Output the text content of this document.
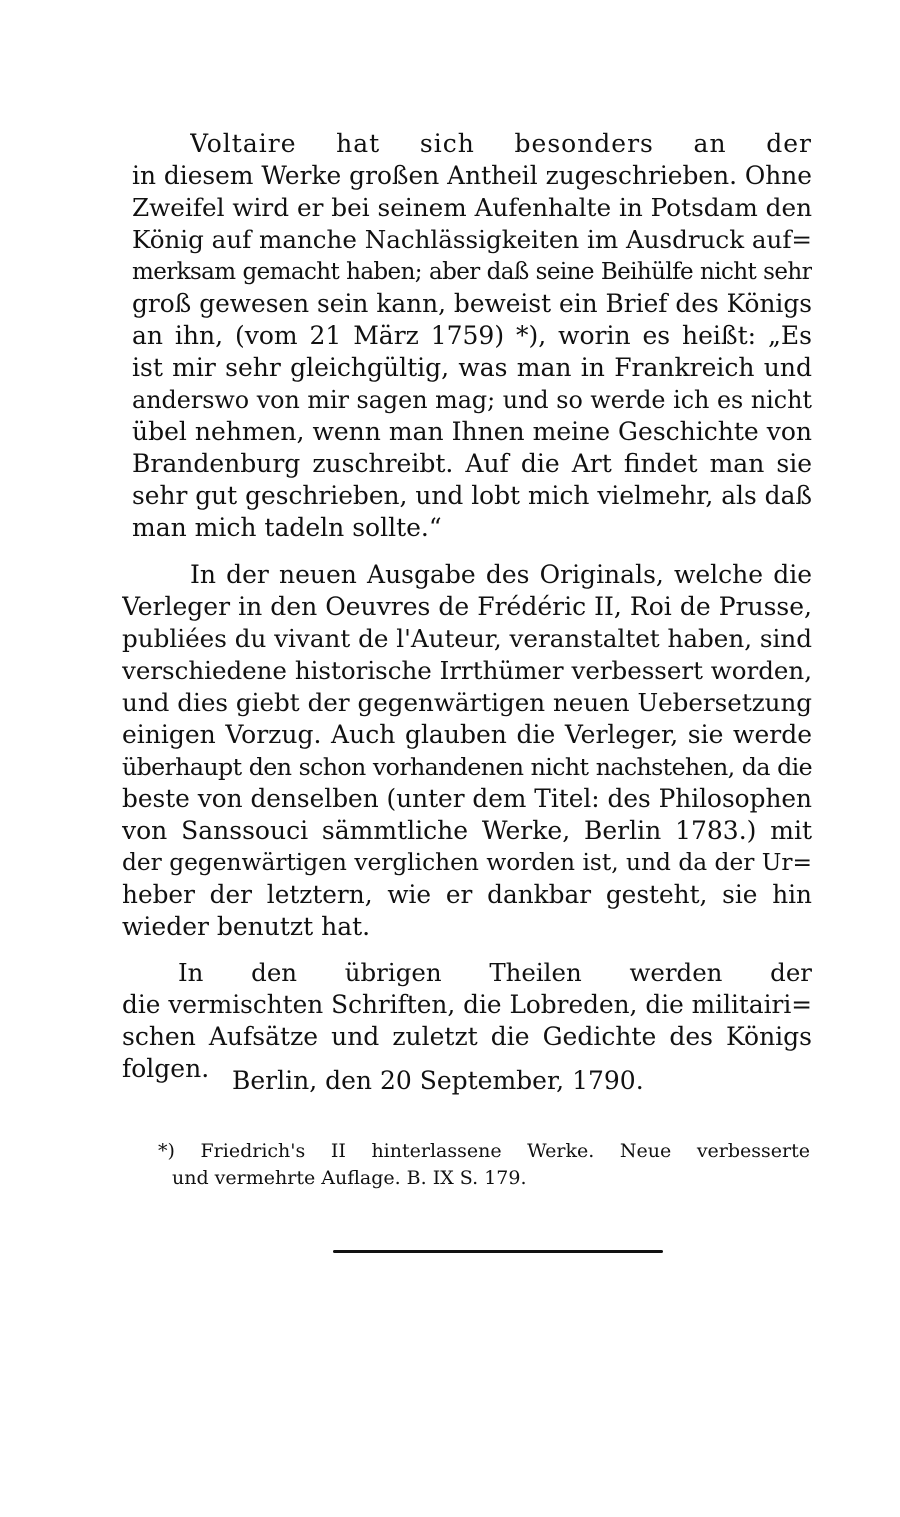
Voltaire hat sich besonders an der
in diesem Werke großen Antheil zugeschrieben. Ohne
Zweifel wird er bei seinem Aufenhalte in Potsdam den
König auf manche Nachlässigkeiten im Ausdruck auf=
merksam gemacht haben; aber daß seine Beihülfe nicht sehr
groß gewesen sein kann, beweist ein Brief des Königs
an ihn, (vom 21 März 1759) *), worin es heißt: „Es
ist mir sehr gleichgültig, was man in Frankreich und
anderswo von mir sagen mag; und so werde ich es nicht
übel nehmen, wenn man Ihnen meine Geschichte von
Brandenburg zuschreibt. Auf die Art findet man sie
sehr gut geschrieben, und lobt mich vielmehr, als daß
man mich tadeln sollte.“
In der neuen Ausgabe des Originals, welche die
Verleger in den Oeuvres de Frédéric II, Roi de Prusse,
publiées du vivant de l'Auteur, veranstaltet haben, sind
verschiedene historische Irrthümer verbessert worden,
und dies giebt der gegenwärtigen neuen Uebersetzung
einigen Vorzug. Auch glauben die Verleger, sie werde
überhaupt den schon vorhandenen nicht nachstehen, da die
beste von denselben (unter dem Titel: des Philosophen
von Sanssouci sämmtliche Werke, Berlin 1783.) mit
der gegenwärtigen verglichen worden ist, und da der Ur=
heber der letztern, wie er dankbar gesteht, sie hin
wieder benutzt hat.
In den übrigen Theilen werden der
die vermischten Schriften, die Lobreden, die militairi=
schen Aufsätze und zuletzt die Gedichte des Königs
folgen. Berlin, den 20 September, 1790.
*) Friedrich's II hinterlassene Werke. Neue verbesserte
und vermehrte Auflage. B. IX S. 179.
